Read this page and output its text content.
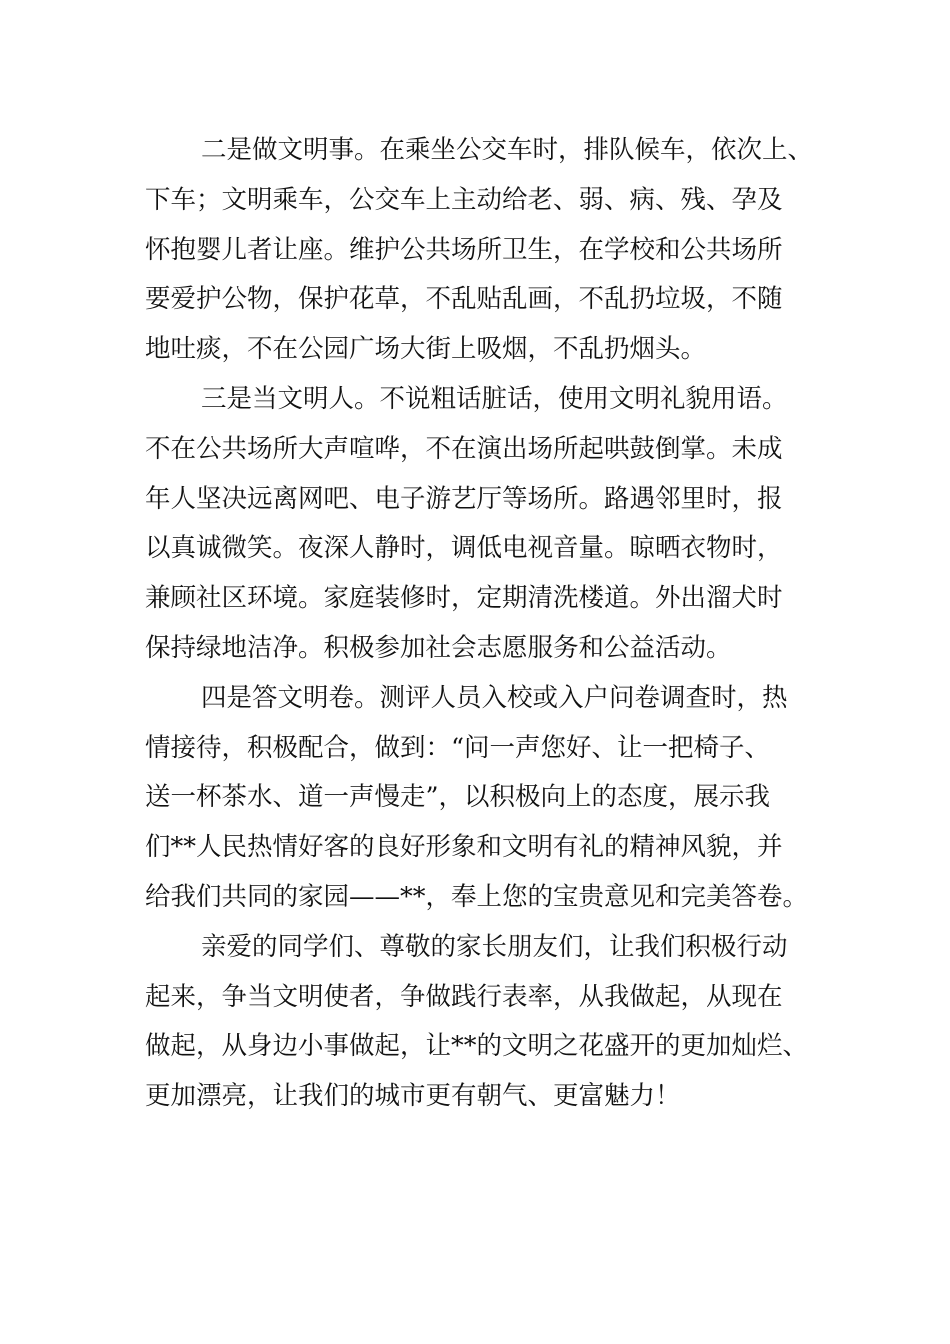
二是做文明事。在乘坐公交车时，排队候车，依次上、
下车；文明乘车，公交车上主动给老、弱、病、残、孕及
怀抱婴儿者让座。维护公共场所卫生，在学校和公共场所
要爱护公物，保护花草，不乱贴乱画，不乱扔垃圾，不随
地吐痰，不在公园广场大街上吸烟，不乱扔烟头。
三是当文明人。不说粗话脏话，使用文明礼貌用语。
不在公共场所大声喧哗，不在演出场所起哄鼓倒掌。未成
年人坚决远离网吧、电子游艺厅等场所。路遇邻里时，报
以真诚微笑。夜深人静时，调低电视音量。晾晒衣物时，
兼顾社区环境。家庭装修时，定期清洗楼道。外出溜犬时
保持绿地洁净。积极参加社会志愿服务和公益活动。
四是答文明卷。测评人员入校或入户问卷调查时，热
情接待，积极配合，做到：“问一声您好、让一把椅子、
送一杯茶水、道一声慢走”，以积极向上的态度，展示我
们**人民热情好客的良好形象和文明有礼的精神风貌，并
给我们共同的家园——**，奉上您的宝贵意见和完美答卷。
亲爱的同学们、尊敬的家长朋友们，让我们积极行动
起来，争当文明使者，争做践行表率，从我做起，从现在
做起，从身边小事做起，让**的文明之花盛开的更加灿烂、
更加漂亮，让我们的城市更有朝气、更富魅力！
